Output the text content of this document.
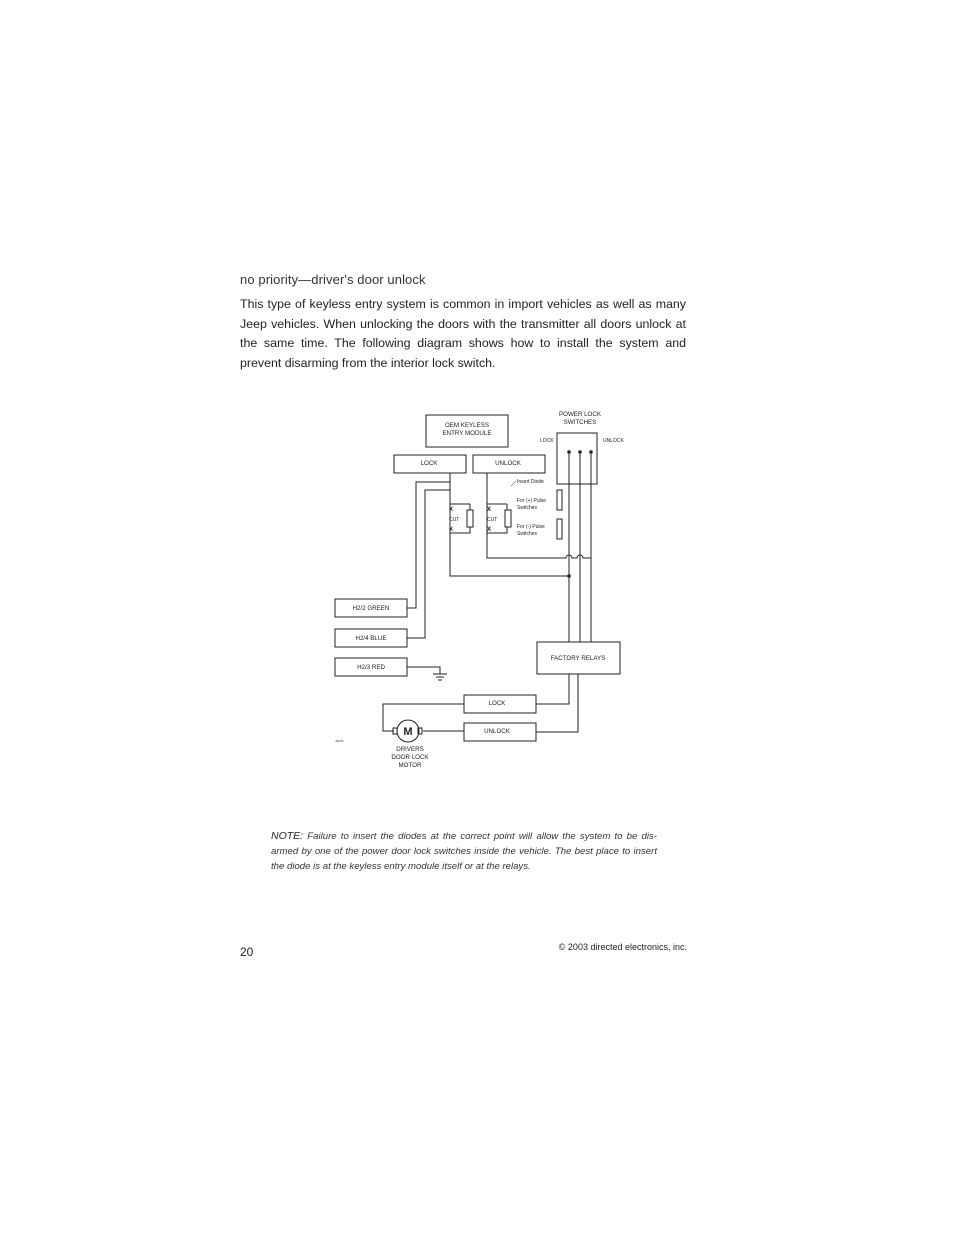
no priority—driver's door unlock

This type of keyless entry system is common in import vehicles as well as many Jeep vehicles. When unlocking the doors with the transmitter all doors unlock at the same time. The following diagram shows how to install the system and prevent disarming from the interior lock switch.

OEM KEYLESS
ENTRY MODULE
LOCK	UNLOCK
POWER LOCK
SWITCHES
H2/2 GREEN
H2/4 BLUE
H2/3 RED
FACTORY RELAYS
LOCK
UNLOCK
DRIVERS
DOOR LOCK
MOTOR
LOCK	UNLOCK
Insert Diode
For (+) Pulse
Switches
For (-) Pulse
Switches
CUT	CUT
X
X
X
X
M
JSN-8

NOTE: Failure to insert the diodes at the correct point will allow the system to be dis-armed by one of the power door lock switches inside the vehicle. The best place to insert the diode is at the keyless entry module itself or at the relays.

20	© 2003 directed electronics, inc.
